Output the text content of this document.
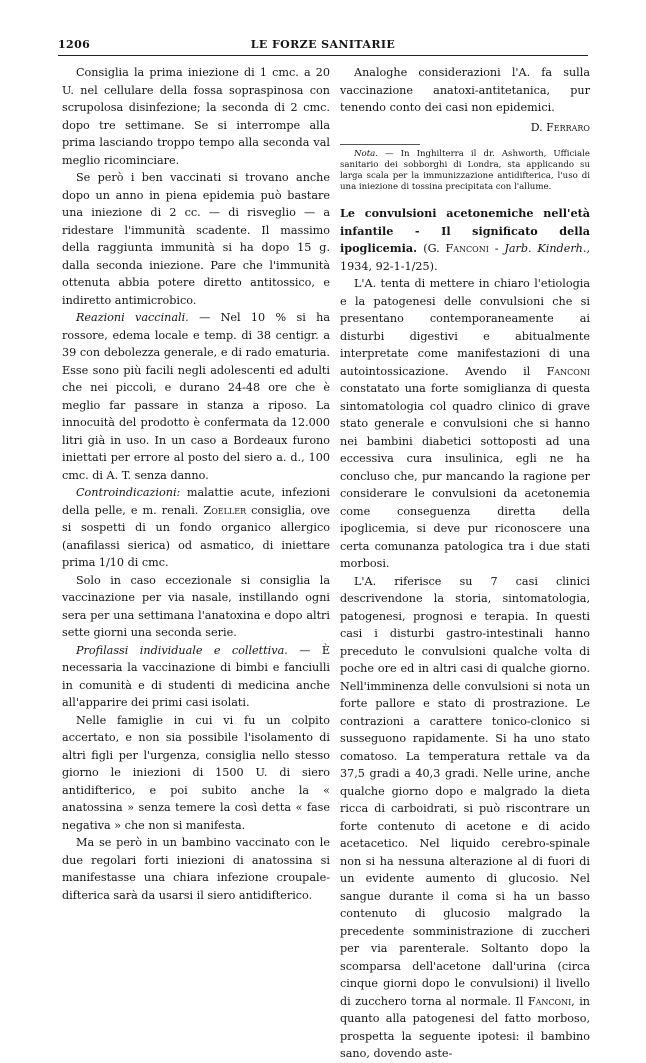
1206	LE FORZE SANITARIE

Consiglia la prima iniezione di 1 cmc. a 20 U. nel cellulare della fossa sopraspinosa con scrupolosa disinfezione; la seconda di 2 cmc. dopo tre settimane. Se si interrompe alla prima lasciando troppo tempo alla seconda val meglio ricominciare.

Se però i ben vaccinati si trovano anche dopo un anno in piena epidemia può bastare una iniezione di 2 cc. — di risveglio — a ridestare l'immunità scadente. Il massimo della raggiunta immunità si ha dopo 15 g. dalla seconda iniezione. Pare che l'immunità ottenuta abbia potere diretto antitossico, e indiretto antimicrobico.

Reazioni vaccinali. — Nel 10 % si ha rossore, edema locale e temp. di 38 centigr. a 39 con debolezza generale, e di rado ematuria. Esse sono più facili negli adolescenti ed adulti che nei piccoli, e durano 24-48 ore che è meglio far passare in stanza a riposo. La innocuità del prodotto è confermata da 12.000 litri già in uso. In un caso a Bordeaux furono iniettati per errore al posto del siero a. d., 100 cmc. di A. T. senza danno.

Controindicazioni: malattie acute, infezioni della pelle, e m. renali. Zoeller consiglia, ove si sospetti di un fondo organico allergico (anafilassi sierica) od asmatico, di iniettare prima 1/10 di cmc.

Solo in caso eccezionale si consiglia la vaccinazione per via nasale, instillando ogni sera per una settimana l'anatoxina e dopo altri sette giorni una seconda serie.

Profilassi individuale e collettiva. — È necessaria la vaccinazione di bimbi e fanciulli in comunità e di studenti di medicina anche all'apparire dei primi casi isolati.

Nelle famiglie in cui vi fu un colpito accertato, e non sia possibile l'isolamento di altri figli per l'urgenza, consiglia nello stesso giorno le iniezioni di 1500 U. di siero antidifterico, e poi subito anche la « anatossina » senza temere la così detta « fase negativa » che non si manifesta.

Ma se però in un bambino vaccinato con le due regolari forti iniezioni di anatossina si manifestasse una chiara infezione croupale-difterica sarà da usarsi il siero antidifterico.

Analoghe considerazioni l'A. fa sulla vaccinazione anatoxi-antitetanica, pur tenendo conto dei casi non epidemici.

D. Ferraro
Nota. — In Inghilterra il dr. Ashworth, Ufficiale sanitario dei sobborghi di Londra, sta applicando su larga scala per la immunizzazione antidifterica, l'uso di una iniezione di tossina precipitata con l'allume.

Le convulsioni acetonemiche nell'età infantile - Il significato della ipoglicemia. (G. Fanconi - Jarb. Kinderh., 1934, 92-1-1/25).

L'A. tenta di mettere in chiaro l'etiologia e la patogenesi delle convulsioni che si presentano contemporaneamente ai disturbi digestivi e abitualmente interpretate come manifestazioni di una autointossicazione. Avendo il Fanconi constatato una forte somiglianza di questa sintomatologia col quadro clinico di grave stato generale e convulsioni che si hanno nei bambini diabetici sottoposti ad una eccessiva cura insulinica, egli ne ha concluso che, pur mancando la ragione per considerare le convulsioni da acetonemia come conseguenza diretta della ipoglicemia, si deve pur riconoscere una certa comunanza patologica tra i due stati morbosi.

L'A. riferisce su 7 casi clinici descrivendone la storia, sintomatologia, patogenesi, prognosi e terapia. In questi casi i disturbi gastro-intestinali hanno preceduto le convulsioni qualche volta di poche ore ed in altri casi di qualche giorno. Nell'imminenza delle convulsioni si nota un forte pallore e stato di prostrazione. Le contrazioni a carattere tonico-clonico si susseguono rapidamente. Si ha uno stato comatoso. La temperatura rettale va da 37,5 gradi a 40,3 gradi. Nelle urine, anche qualche giorno dopo e malgrado la dieta ricca di carboidrati, si può riscontrare un forte contenuto di acetone e di acido acetacetico. Nel liquido cerebro-spinale non si ha nessuna alterazione al di fuori di un evidente aumento di glucosio. Nel sangue durante il coma si ha un basso contenuto di glucosio malgrado la precedente somministrazione di zuccheri per via parenterale. Soltanto dopo la scomparsa dell'acetone dall'urina (circa cinque giorni dopo le convulsioni) il livello di zucchero torna al normale. Il Fanconi, in quanto alla patogenesi del fatto morboso, prospetta la seguente ipotesi: il bambino sano, dovendo aste-
